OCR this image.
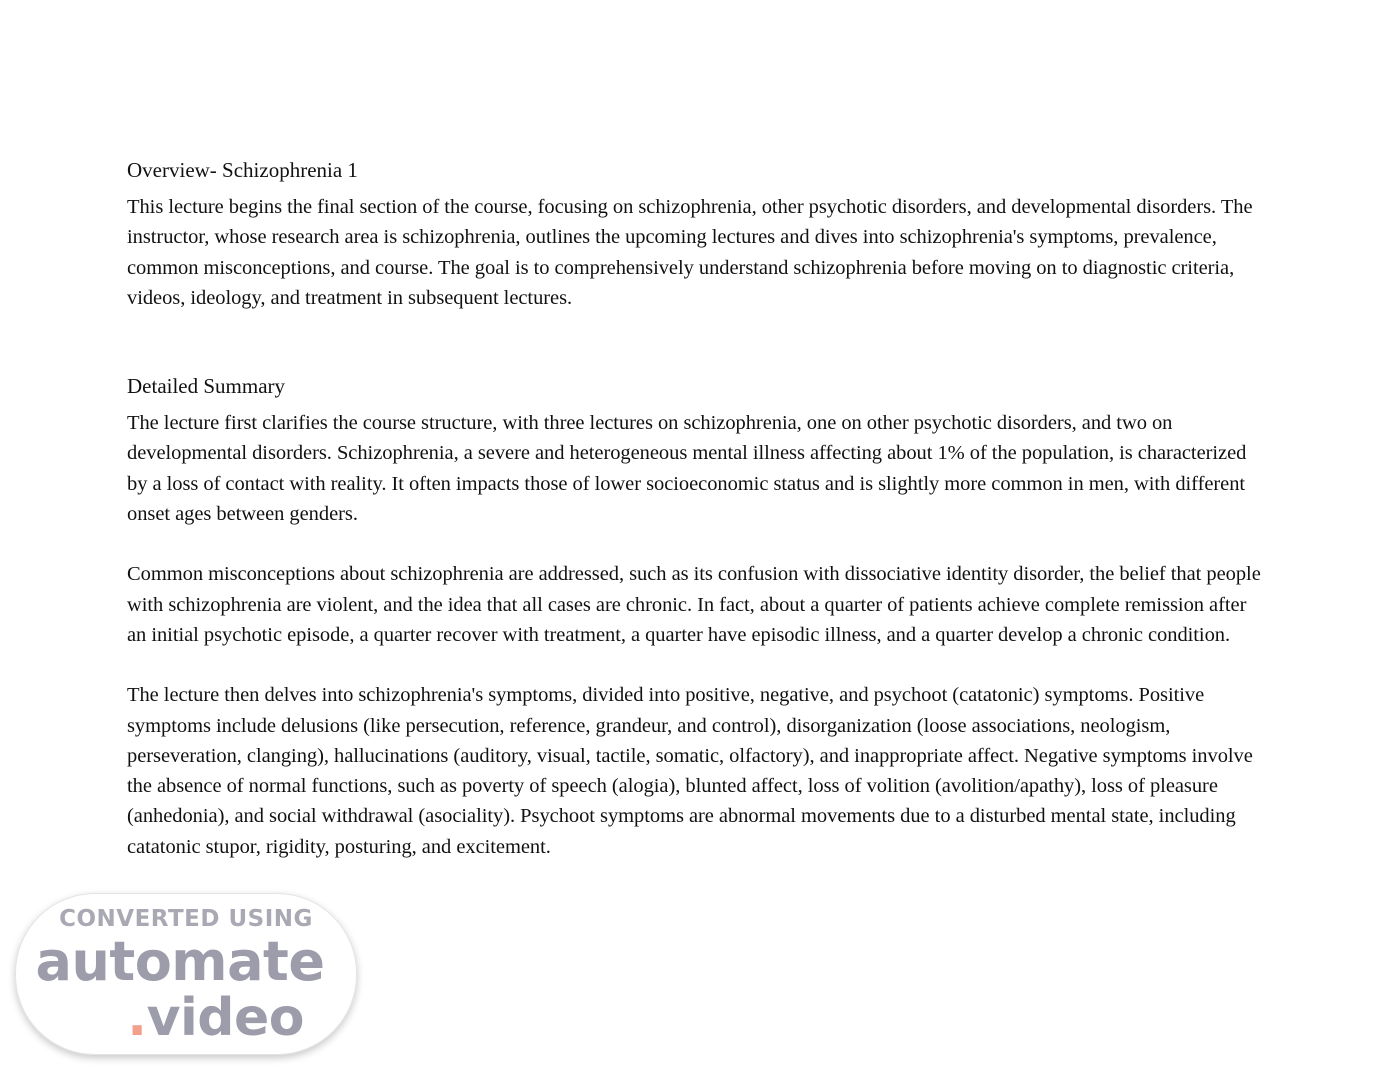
Overview- Schizophrenia 1

This lecture begins the final section of the course, focusing on schizophrenia, other psychotic disorders, and developmental disorders. The instructor, whose research area is schizophrenia, outlines the upcoming lectures and dives into schizophrenia's symptoms, prevalence, common misconceptions, and course. The goal is to comprehensively understand schizophrenia before moving on to diagnostic criteria, videos, ideology, and treatment in subsequent lectures.

Detailed Summary

The lecture first clarifies the course structure, with three lectures on schizophrenia, one on other psychotic disorders, and two on developmental disorders. Schizophrenia, a severe and heterogeneous mental illness affecting about 1% of the population, is characterized by a loss of contact with reality. It often impacts those of lower socioeconomic status and is slightly more common in men, with different onset ages between genders.

Common misconceptions about schizophrenia are addressed, such as its confusion with dissociative identity disorder, the belief that people with schizophrenia are violent, and the idea that all cases are chronic. In fact, about a quarter of patients achieve complete remission after an initial psychotic episode, a quarter recover with treatment, a quarter have episodic illness, and a quarter develop a chronic condition.

The lecture then delves into schizophrenia's symptoms, divided into positive, negative, and psychoot (catatonic) symptoms. Positive symptoms include delusions (like persecution, reference, grandeur, and control), disorganization (loose associations, neologism, perseveration, clanging), hallucinations (auditory, visual, tactile, somatic, olfactory), and inappropriate affect. Negative symptoms involve the absence of normal functions, such as poverty of speech (alogia), blunted affect, loss of volition (avolition/apathy), loss of pleasure (anhedonia), and social withdrawal (asociality). Psychoot symptoms are abnormal movements due to a disturbed mental state, including catatonic stupor, rigidity, posturing, and excitement.

CONVERTED USING
automate
.video
